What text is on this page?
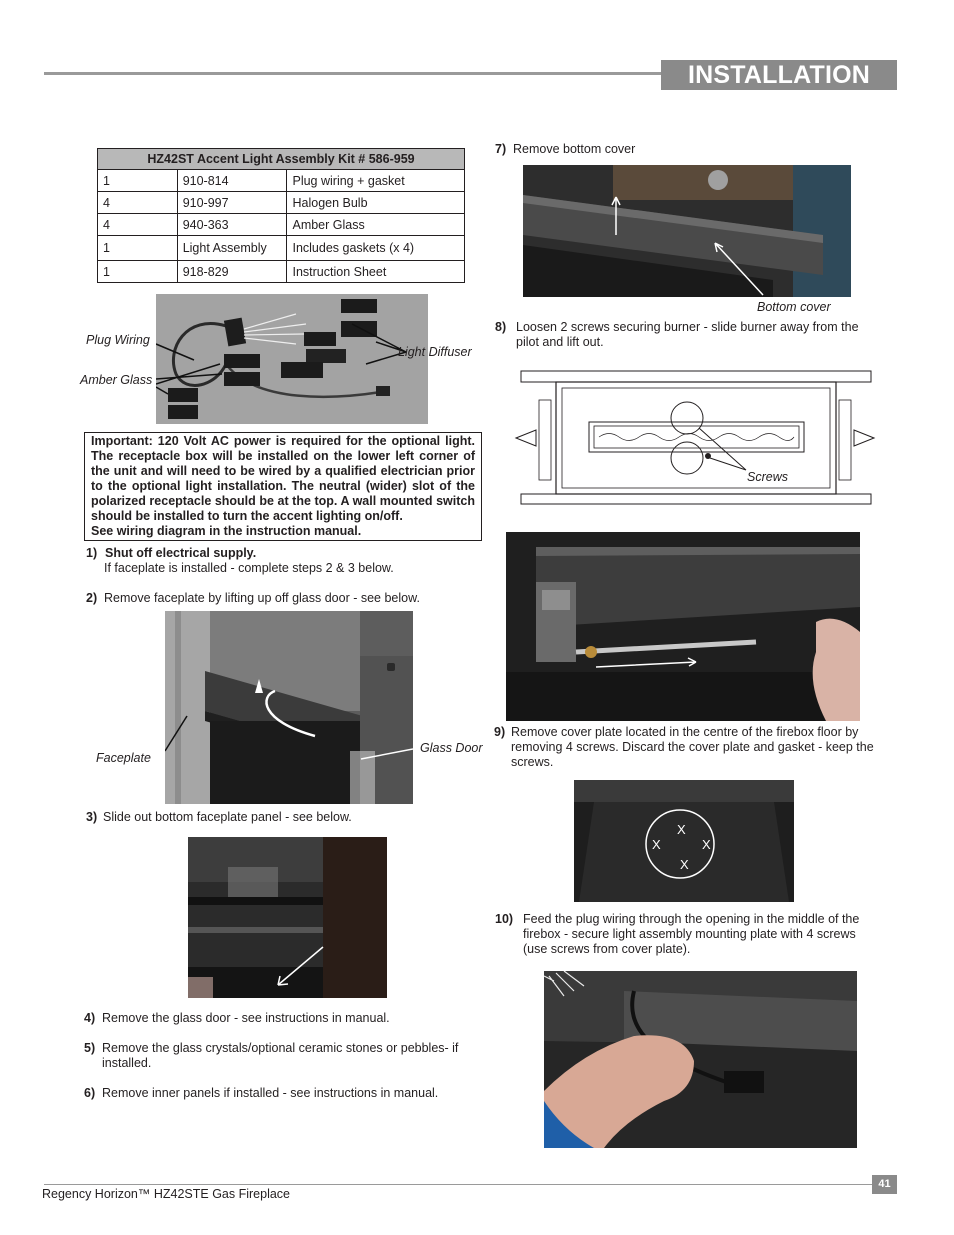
INSTALLATION
HZ42ST Accent Light Assembly Kit # 586-959		
1	910-814	Plug wiring + gasket
4	910-997	Halogen Bulb
4	940-363	Amber Glass
1	Light Assembly	Includes gaskets (x 4)
1	918-829	Instruction Sheet
Plug Wiring
Amber Glass
Light Diffuser
Important: 120 Volt AC power is required for the optional light. The receptacle box will be installed on the lower left corner of the unit and will need to be wired by a qualified electrician prior to the optional light installation. The neutral (wider) slot of the polarized receptacle should be at the top. A wall mounted switch should be installed to turn the accent lighting on/off.
See wiring diagram in the instruction manual.
1) Shut off electrical supply.
If faceplate is installed - complete steps 2 & 3 below.
2) Remove faceplate by lifting up off glass door - see below.
Faceplate
Glass Door
3) Slide out bottom faceplate panel - see below.
4) Remove the glass door - see instructions in manual.
5) Remove the glass crystals/optional ceramic stones or pebbles- if installed.
6) Remove inner panels if installed - see instructions in manual.
7) Remove bottom cover
Bottom cover
8) Loosen 2 screws securing burner - slide burner away from the pilot and lift out.
Screws
9) Remove cover plate located in the centre of the firebox floor by removing 4 screws. Discard the cover plate and gasket - keep the screws.
X
X	X
X
10) Feed the plug wiring through the opening in the middle of the firebox - secure light assembly mounting plate with 4 screws (use screws from cover plate).
41
Regency Horizon™ HZ42STE Gas Fireplace
